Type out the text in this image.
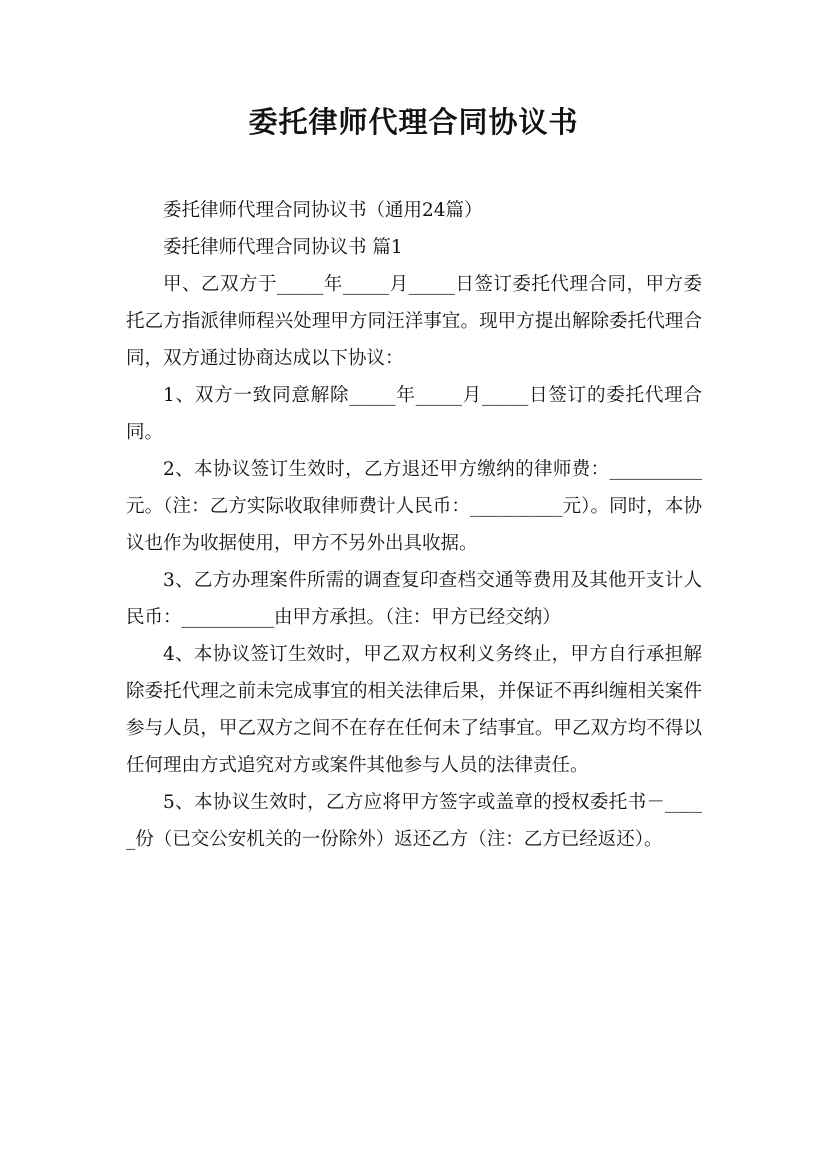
委托律师代理合同协议书

委托律师代理合同协议书（通用24篇）

委托律师代理合同协议书 篇1

甲、乙双方于_____年_____月_____日签订委托代理合同，甲方委托乙方指派律师程兴处理甲方同汪洋事宜。现甲方提出解除委托代理合同，双方通过协商达成以下协议：

1、双方一致同意解除_____年_____月_____日签订的委托代理合同。

2、本协议签订生效时，乙方退还甲方缴纳的律师费：__________元。（注：乙方实际收取律师费计人民币：__________元）。同时，本协议也作为收据使用，甲方不另外出具收据。

3、乙方办理案件所需的调查复印查档交通等费用及其他开支计人民币：__________由甲方承担。（注：甲方已经交纳）

4、本协议签订生效时，甲乙双方权利义务终止，甲方自行承担解除委托代理之前未完成事宜的相关法律后果，并保证不再纠缠相关案件参与人员，甲乙双方之间不在存在任何未了结事宜。甲乙双方均不得以任何理由方式追究对方或案件其他参与人员的法律责任。

5、本协议生效时，乙方应将甲方签字或盖章的授权委托书－_____份（已交公安机关的一份除外）返还乙方（注：乙方已经返还）。
